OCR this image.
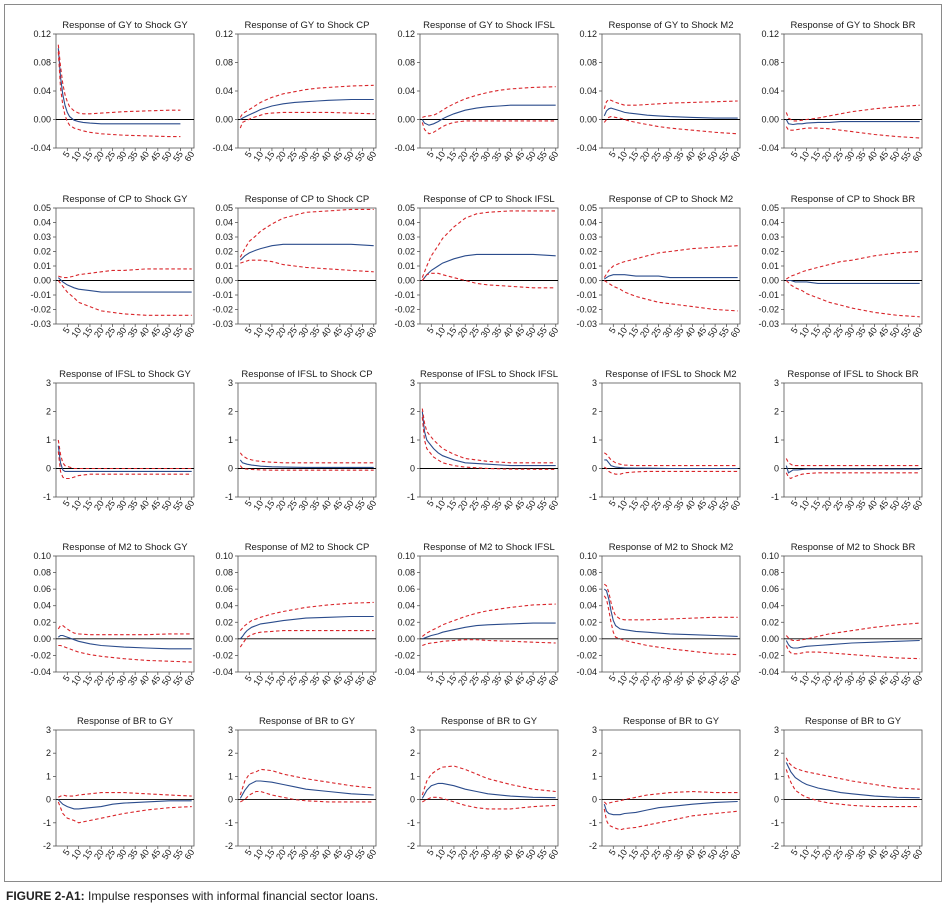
Response of GY to Shock GY
0.12
0.08
0.04
0.00
-0.04
5
10
15
20
25
30
35
40
45
50
55
60
Response of GY to Shock CP
0.12
0.08
0.04
0.00
-0.04
5
10
15
20
25
30
35
40
45
50
55
60
Response of GY to Shock IFSL
0.12
0.08
0.04
0.00
-0.04
5
10
15
20
25
30
35
40
45
50
55
60
Response of GY to Shock M2
0.12
0.08
0.04
0.00
-0.04
5
10
15
20
25
30
35
40
45
50
55
60
Response of GY to Shock BR
0.12
0.08
0.04
0.00
-0.04
5
10
15
20
25
30
35
40
45
50
55
60
Response of CP to Shock GY
0.05
0.04
0.03
0.02
0.01
0.00
-0.01
-0.02
-0.03
5
10
15
20
25
30
35
40
45
50
55
60
Response of CP to Shock CP
0.05
0.04
0.03
0.02
0.01
0.00
-0.01
-0.02
-0.03
5
10
15
20
25
30
35
40
45
50
55
60
Response of CP to Shock IFSL
0.05
0.04
0.03
0.02
0.01
0.00
-0.01
-0.02
-0.03
5
10
15
20
25
30
35
40
45
50
55
60
Response of CP to Shock M2
0.05
0.04
0.03
0.02
0.01
0.00
-0.01
-0.02
-0.03
5
10
15
20
25
30
35
40
45
50
55
60
Response of CP to Shock BR
0.05
0.04
0.03
0.02
0.01
0.00
-0.01
-0.02
-0.03
5
10
15
20
25
30
35
40
45
50
55
60
Response of IFSL to Shock GY
3
2
1
0
-1
5
10
15
20
25
30
35
40
45
50
55
60
Response of IFSL to Shock CP
3
2
1
0
-1
5
10
15
20
25
30
35
40
45
50
55
60
Response of IFSL to Shock IFSL
3
2
1
0
-1
5
10
15
20
25
30
35
40
45
50
55
60
Response of IFSL to Shock M2
3
2
1
0
-1
5
10
15
20
25
30
35
40
45
50
55
60
Response of IFSL to Shock BR
3
2
1
0
-1
5
10
15
20
25
30
35
40
45
50
55
60
Response of M2 to Shock GY
0.10
0.08
0.06
0.04
0.02
0.00
-0.02
-0.04
5
10
15
20
25
30
35
40
45
50
55
60
Response of M2 to Shock CP
0.10
0.08
0.06
0.04
0.02
0.00
-0.02
-0.04
5
10
15
20
25
30
35
40
45
50
55
60
Response of M2 to Shock IFSL
0.10
0.08
0.06
0.04
0.02
0.00
-0.02
-0.04
5
10
15
20
25
30
35
40
45
50
55
60
Response of M2 to Shock M2
0.10
0.08
0.06
0.04
0.02
0.00
-0.02
-0.04
5
10
15
20
25
30
35
40
45
50
55
60
Response of M2 to Shock BR
0.10
0.08
0.06
0.04
0.02
0.00
-0.02
-0.04
5
10
15
20
25
30
35
40
45
50
55
60
Response of BR to GY
3
2
1
0
-1
-2
5
10
15
20
25
30
35
40
45
50
55
60
Response of BR to GY
3
2
1
0
-1
-2
5
10
15
20
25
30
35
40
45
50
55
60
Response of BR to GY
3
2
1
0
-1
-2
5
10
15
20
25
30
35
40
45
50
55
60
Response of BR to GY
3
2
1
0
-1
-2
5
10
15
20
25
30
35
40
45
50
55
60
Response of BR to GY
3
2
1
0
-1
-2
5
10
15
20
25
30
35
40
45
50
55
60
FIGURE 2-A1: Impulse responses with informal financial sector loans.
